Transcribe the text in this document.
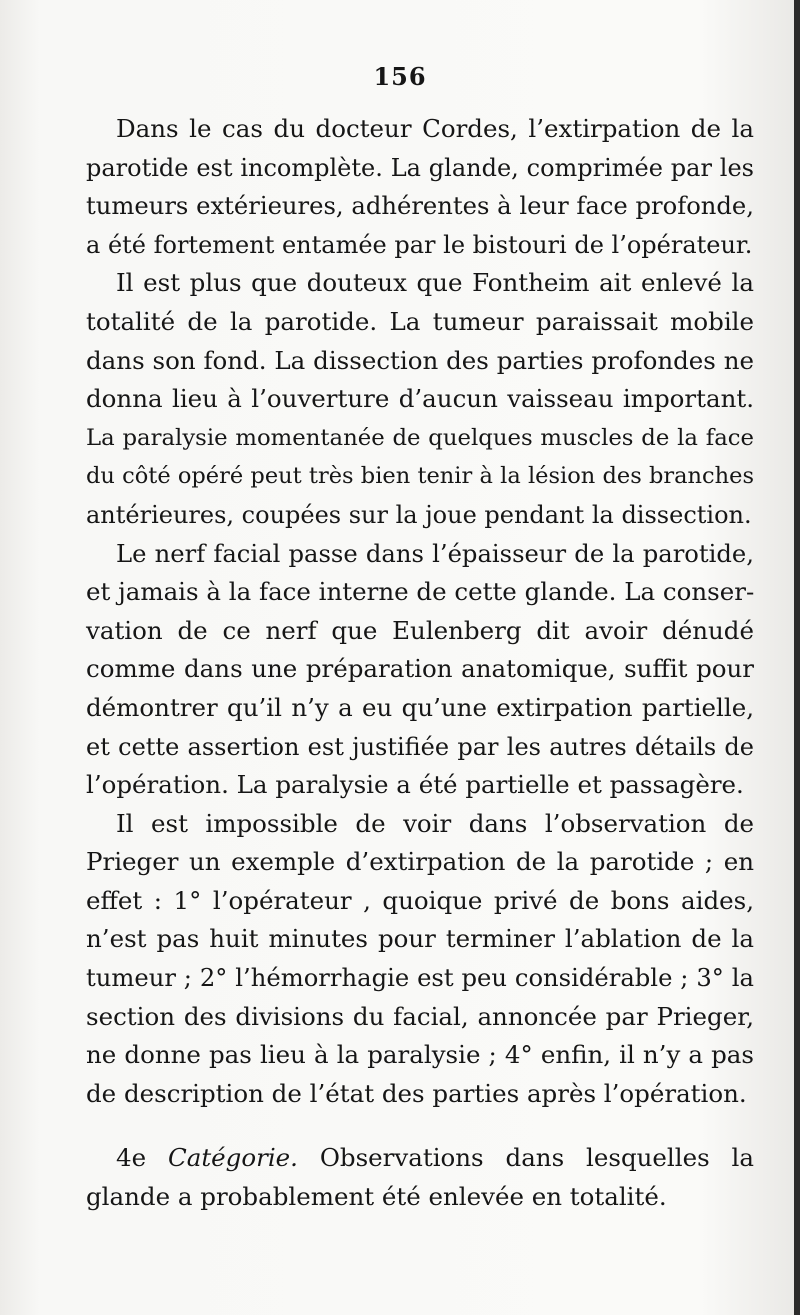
156
Dans le cas du docteur Cordes, l’extirpation de la
parotide est incomplète. La glande, comprimée par les
tumeurs extérieures, adhérentes à leur face profonde,
a été fortement entamée par le bistouri de l’opérateur.
Il est plus que douteux que Fontheim ait enlevé la
totalité de la parotide. La tumeur paraissait mobile
dans son fond. La dissection des parties profondes ne
donna lieu à l’ouverture d’aucun vaisseau important.
La paralysie momentanée de quelques muscles de la face
du côté opéré peut très bien tenir à la lésion des branches
antérieures, coupées sur la joue pendant la dissection.
Le nerf facial passe dans l’épaisseur de la parotide,
et jamais à la face interne de cette glande. La conser-
vation de ce nerf que Eulenberg dit avoir dénudé
comme dans une préparation anatomique, suffit pour
démontrer qu’il n’y a eu qu’une extirpation partielle,
et cette assertion est justifiée par les autres détails de
l’opération. La paralysie a été partielle et passagère.
Il est impossible de voir dans l’observation de
Prieger un exemple d’extirpation de la parotide ; en
effet : 1° l’opérateur , quoique privé de bons aides,
n’est pas huit minutes pour terminer l’ablation de la
tumeur ; 2° l’hémorrhagie est peu considérable ; 3° la
section des divisions du facial, annoncée par Prieger,
ne donne pas lieu à la paralysie ; 4° enfin, il n’y a pas
de description de l’état des parties après l’opération.
4e Catégorie. Observations dans lesquelles la
glande a probablement été enlevée en totalité.
